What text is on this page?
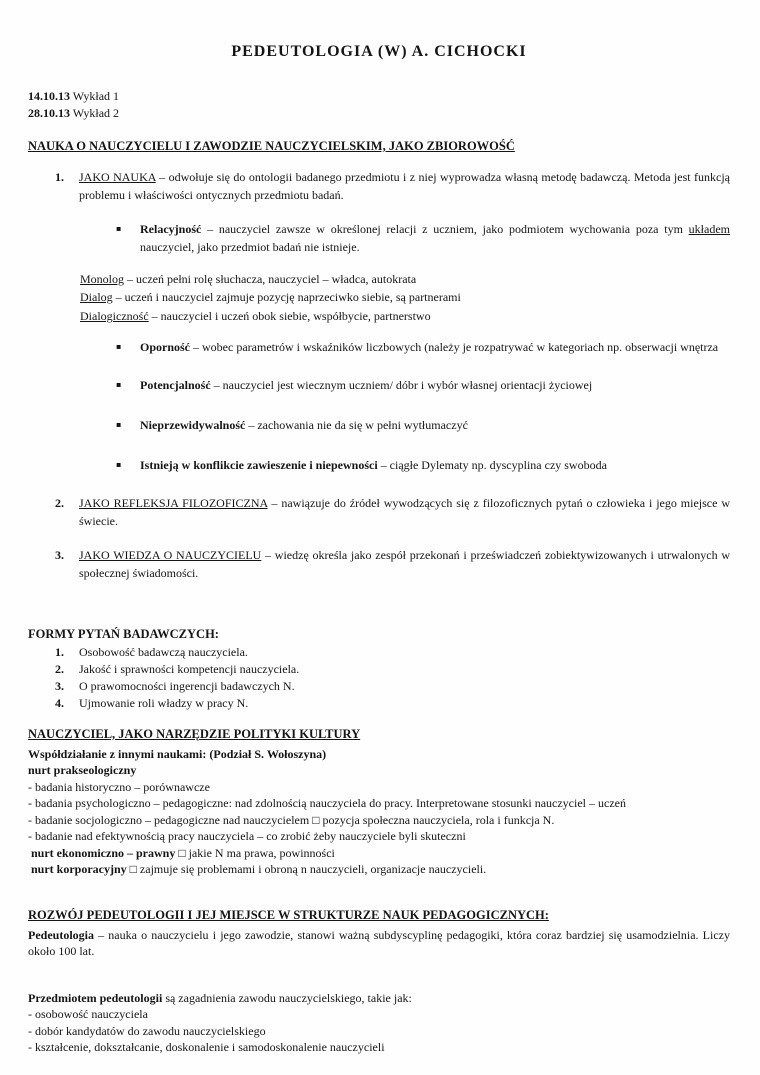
PEDEUTOLOGIA (W) A. CICHOCKI
14.10.13 Wykład 1
28.10.13 Wykład 2
NAUKA O NAUCZYCIELU I ZAWODZIE NAUCZYCIELSKIM, JAKO ZBIOROWOŚĆ
1.	JAKO NAUKA – odwołuje się do ontologii badanego przedmiotu i z niej wyprowadza własną metodę badawczą. Metoda jest funkcją problemu i właściwości ontycznych przedmiotu badań.
▪	Relacyjność – nauczyciel zawsze w określonej relacji z uczniem, jako podmiotem wychowania poza tym układem nauczyciel, jako przedmiot badań nie istnieje.
Monolog – uczeń pełni rolę słuchacza, nauczyciel – władca, autokrata
Dialog – uczeń i nauczyciel zajmuje pozycję naprzeciwko siebie, są partnerami
Dialogiczność – nauczyciel i uczeń obok siebie, współbycie, partnerstwo
▪	Oporność – wobec parametrów i wskaźników liczbowych (należy je rozpatrywać w kategoriach np. obserwacji wnętrza
▪	Potencjalność – nauczyciel jest wiecznym uczniem/ dóbr i wybór własnej orientacji życiowej
▪	Nieprzewidywalność – zachowania nie da się w pełni wytłumaczyć
▪	Istnieją w konflikcie zawieszenie i niepewności – ciągłe Dylematy np. dyscyplina czy swoboda
2.	JAKO REFLEKSJA FILOZOFICZNA – nawiązuje do źródeł wywodzących się z filozoficznych pytań o człowieka i jego miejsce w świecie.
3.	JAKO WIEDZA O NAUCZYCIELU – wiedzę określa jako zespół przekonań i przeświadczeń zobiektywizowanych i utrwalonych w społecznej świadomości.
FORMY PYTAŃ BADAWCZYCH:
1.	Osobowość badawczą nauczyciela.
2.	Jakość i sprawności kompetencji nauczyciela.
3.	O prawomocności ingerencji badawczych N.
4.	Ujmowanie roli władzy w pracy N.
NAUCZYCIEL, JAKO NARZĘDZIE POLITYKI KULTURY
Współdziałanie z innymi naukami: (Podział S. Wołoszyna)
nurt prakseologiczny
- badania historyczno – porównawcze
- badania psychologiczno – pedagogiczne: nad zdolnością nauczyciela do pracy. Interpretowane stosunki nauczyciel – uczeń
- badanie socjologiczno – pedagogiczne nad nauczycielem □ pozycja społeczna nauczyciela, rola i funkcja N.
- badanie nad efektywnością pracy nauczyciela – co zrobić żeby nauczyciele byli skuteczni
nurt ekonomiczno – prawny □ jakie N ma prawa, powinności
nurt korporacyjny □ zajmuje się problemami i obroną n nauczycieli, organizacje nauczycieli.
ROZWÓJ PEDEUTOLOGII I JEJ MIEJSCE W STRUKTURZE NAUK PEDAGOGICZNYCH:
Pedeutologia – nauka o nauczycielu i jego zawodzie, stanowi ważną subdyscyplinę pedagogiki, która coraz bardziej się usamodzielnia. Liczy około 100 lat.
Przedmiotem pedeutologii są zagadnienia zawodu nauczycielskiego, takie jak:
- osobowość nauczyciela
- dobór kandydatów do zawodu nauczycielskiego
- kształcenie, dokształcanie, doskonalenie i samodoskonalenie nauczycieli
